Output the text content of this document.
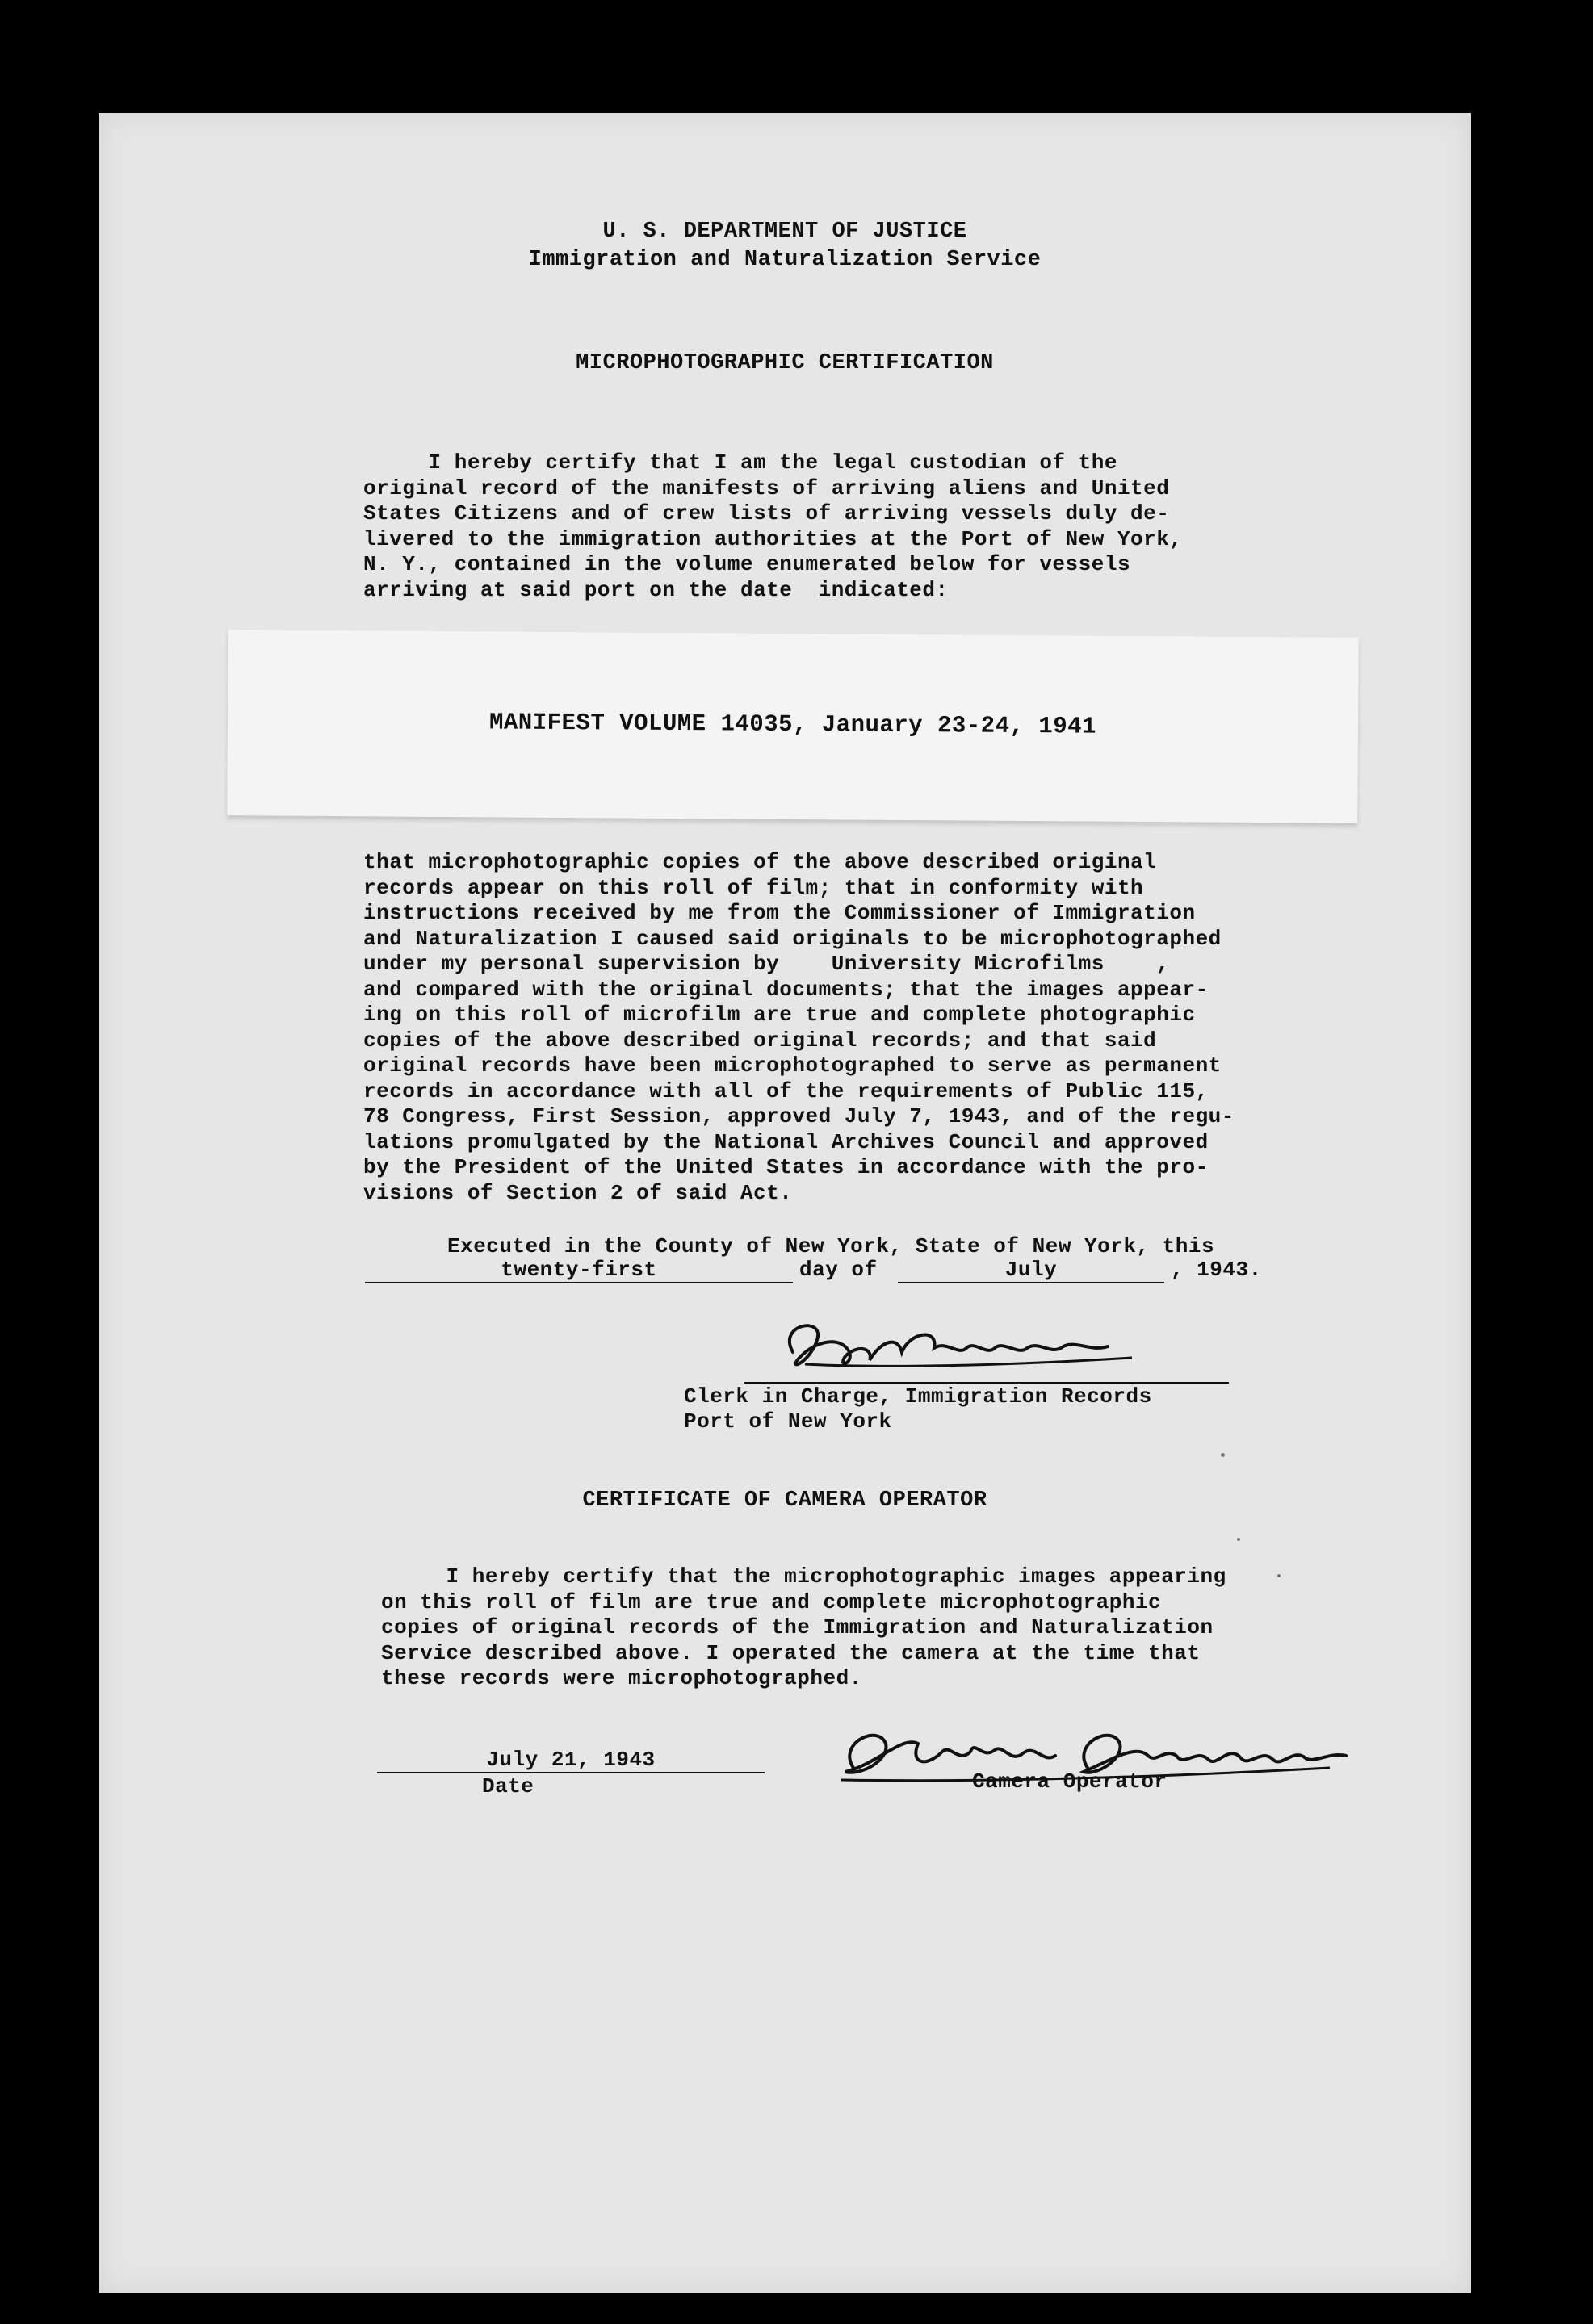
U. S. DEPARTMENT OF JUSTICE

Immigration and Naturalization Service

MICROPHOTOGRAPHIC CERTIFICATION

I hereby certify that I am the legal custodian of the
original record of the manifests of arriving aliens and United
States Citizens and of crew lists of arriving vessels duly de-
livered to the immigration authorities at the Port of New York,
N. Y., contained in the volume enumerated below for vessels
arriving at said port on the date  indicated:

MANIFEST VOLUME 14035, January 23-24, 1941

that microphotographic copies of the above described original
records appear on this roll of film; that in conformity with
instructions received by me from the Commissioner of Immigration
and Naturalization I caused said originals to be microphotographed
under my personal supervision by    University Microfilms    ,
and compared with the original documents; that the images appear-
ing on this roll of microfilm are true and complete photographic
copies of the above described original records; and that said
original records have been microphotographed to serve as permanent
records in accordance with all of the requirements of Public 115,
78 Congress, First Session, approved July 7, 1943, and of the regu-
lations promulgated by the National Archives Council and approved
by the President of the United States in accordance with the pro-
visions of Section 2 of said Act.

Executed in the County of New York, State of New York, this

twenty-first	day of	July	, 1943.
Clerk in Charge, Immigration Records
Port of New York

CERTIFICATE OF CAMERA OPERATOR

I hereby certify that the microphotographic images appearing
on this roll of film are true and complete microphotographic
copies of original records of the Immigration and Naturalization
Service described above. I operated the camera at the time that
these records were microphotographed.

July 21, 1943
Date	Camera Operator
